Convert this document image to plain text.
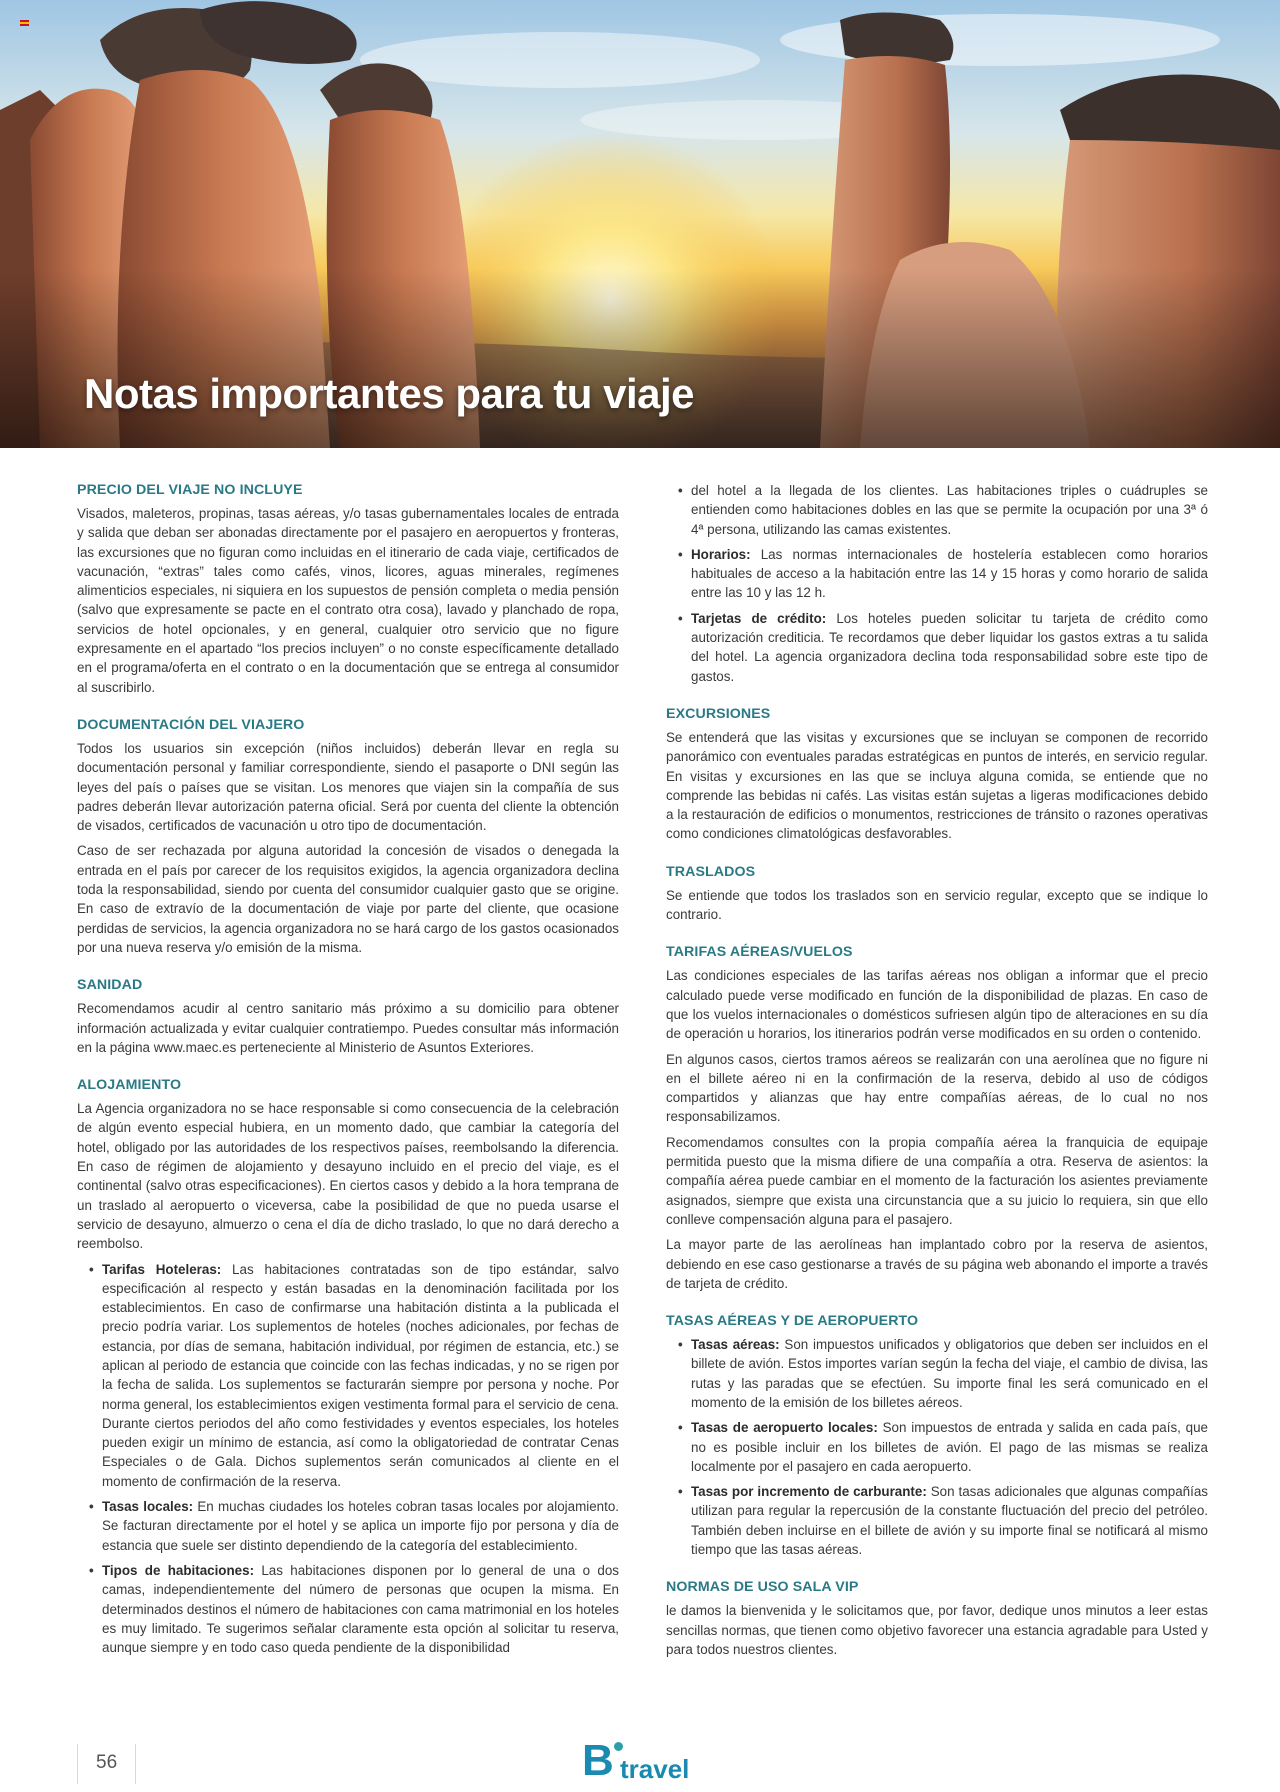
Notas importantes para tu viaje
PRECIO DEL VIAJE NO INCLUYE

Visados, maleteros, propinas, tasas aéreas, y/o tasas gubernamentales locales de entrada y salida que deban ser abonadas directamente por el pasajero en aeropuertos y fronteras, las excursiones que no figuran como incluidas en el itinerario de cada viaje, certificados de vacunación, “extras” tales como cafés, vinos, licores, aguas minerales, regímenes alimenticios especiales, ni siquiera en los supuestos de pensión completa o media pensión (salvo que expresamente se pacte en el contrato otra cosa), lavado y planchado de ropa, servicios de hotel opcionales, y en general, cualquier otro servicio que no figure expresamente en el apartado “los precios incluyen” o no conste específicamente detallado en el programa/oferta en el contrato o en la documentación que se entrega al consumidor al suscribirlo.

DOCUMENTACIÓN DEL VIAJERO

Todos los usuarios sin excepción (niños incluidos) deberán llevar en regla su documentación personal y familiar correspondiente, siendo el pasaporte o DNI según las leyes del país o países que se visitan. Los menores que viajen sin la compañía de sus padres deberán llevar autorización paterna oficial. Será por cuenta del cliente la obtención de visados, certificados de vacunación u otro tipo de documentación.

Caso de ser rechazada por alguna autoridad la concesión de visados o denegada la entrada en el país por carecer de los requisitos exigidos, la agencia organizadora declina toda la responsabilidad, siendo por cuenta del consumidor cualquier gasto que se origine. En caso de extravío de la documentación de viaje por parte del cliente, que ocasione perdidas de servicios, la agencia organizadora no se hará cargo de los gastos ocasionados por una nueva reserva y/o emisión de la misma.

SANIDAD

Recomendamos acudir al centro sanitario más próximo a su domicilio para obtener información actualizada y evitar cualquier contratiempo. Puedes consultar más información en la página www.maec.es perteneciente al Ministerio de Asuntos Exteriores.

ALOJAMIENTO

La Agencia organizadora no se hace responsable si como consecuencia de la celebración de algún evento especial hubiera, en un momento dado, que cambiar la categoría del hotel, obligado por las autoridades de los respectivos países, reembolsando la diferencia. En caso de régimen de alojamiento y desayuno incluido en el precio del viaje, es el continental (salvo otras especificaciones). En ciertos casos y debido a la hora temprana de un traslado al aeropuerto o viceversa, cabe la posibilidad de que no pueda usarse el servicio de desayuno, almuerzo o cena el día de dicho traslado, lo que no dará derecho a reembolso.

• Tarifas Hoteleras: Las habitaciones contratadas son de tipo estándar, salvo especificación al respecto y están basadas en la denominación facilitada por los establecimientos. En caso de confirmarse una habitación distinta a la publicada el precio podría variar. Los suplementos de hoteles (noches adicionales, por fechas de estancia, por días de semana, habitación individual, por régimen de estancia, etc.) se aplican al periodo de estancia que coincide con las fechas indicadas, y no se rigen por la fecha de salida. Los suplementos se facturarán siempre por persona y noche. Por norma general, los establecimientos exigen vestimenta formal para el servicio de cena. Durante ciertos periodos del año como festividades y eventos especiales, los hoteles pueden exigir un mínimo de estancia, así como la obligatoriedad de contratar Cenas Especiales o de Gala. Dichos suplementos serán comunicados al cliente en el momento de confirmación de la reserva.
• Tasas locales: En muchas ciudades los hoteles cobran tasas locales por alojamiento. Se facturan directamente por el hotel y se aplica un importe fijo por persona y día de estancia que suele ser distinto dependiendo de la categoría del establecimiento.
• Tipos de habitaciones: Las habitaciones disponen por lo general de una o dos camas, independientemente del número de personas que ocupen la misma. En determinados destinos el número de habitaciones con cama matrimonial en los hoteles es muy limitado. Te sugerimos señalar claramente esta opción al solicitar tu reserva, aunque siempre y en todo caso queda pendiente de la disponibilidad
• del hotel a la llegada de los clientes. Las habitaciones triples o cuádruples se entienden como habitaciones dobles en las que se permite la ocupación por una 3ª ó 4ª persona, utilizando las camas existentes.
• Horarios: Las normas internacionales de hostelería establecen como horarios habituales de acceso a la habitación entre las 14 y 15 horas y como horario de salida entre las 10 y las 12 h.
• Tarjetas de crédito: Los hoteles pueden solicitar tu tarjeta de crédito como autorización crediticia. Te recordamos que deber liquidar los gastos extras a tu salida del hotel. La agencia organizadora declina toda responsabilidad sobre este tipo de gastos.
EXCURSIONES

Se entenderá que las visitas y excursiones que se incluyan se componen de recorrido panorámico con eventuales paradas estratégicas en puntos de interés, en servicio regular. En visitas y excursiones en las que se incluya alguna comida, se entiende que no comprende las bebidas ni cafés. Las visitas están sujetas a ligeras modificaciones debido a la restauración de edificios o monumentos, restricciones de tránsito o razones operativas como condiciones climatológicas desfavorables.

TRASLADOS

Se entiende que todos los traslados son en servicio regular, excepto que se indique lo contrario.

TARIFAS AÉREAS/VUELOS

Las condiciones especiales de las tarifas aéreas nos obligan a informar que el precio calculado puede verse modificado en función de la disponibilidad de plazas. En caso de que los vuelos internacionales o domésticos sufriesen algún tipo de alteraciones en su día de operación u horarios, los itinerarios podrán verse modificados en su orden o contenido.

En algunos casos, ciertos tramos aéreos se realizarán con una aerolínea que no figure ni en el billete aéreo ni en la confirmación de la reserva, debido al uso de códigos compartidos y alianzas que hay entre compañías aéreas, de lo cual no nos responsabilizamos.

Recomendamos consultes con la propia compañía aérea la franquicia de equipaje permitida puesto que la misma difiere de una compañía a otra. Reserva de asientos: la compañía aérea puede cambiar en el momento de la facturación los asientes previamente asignados, siempre que exista una circunstancia que a su juicio lo requiera, sin que ello conlleve compensación alguna para el pasajero.

La mayor parte de las aerolíneas han implantado cobro por la reserva de asientos, debiendo en ese caso gestionarse a través de su página web abonando el importe a través de tarjeta de crédito.

TASAS AÉREAS Y DE AEROPUERTO
• Tasas aéreas: Son impuestos unificados y obligatorios que deben ser incluidos en el billete de avión. Estos importes varían según la fecha del viaje, el cambio de divisa, las rutas y las paradas que se efectúen. Su importe final les será comunicado en el momento de la emisión de los billetes aéreos.
• Tasas de aeropuerto locales: Son impuestos de entrada y salida en cada país, que no es posible incluir en los billetes de avión. El pago de las mismas se realiza localmente por el pasajero en cada aeropuerto.
• Tasas por incremento de carburante: Son tasas adicionales que algunas compañías utilizan para regular la repercusión de la constante fluctuación del precio del petróleo. También deben incluirse en el billete de avión y su importe final se notificará al mismo tiempo que las tasas aéreas.
NORMAS DE USO SALA VIP

le damos la bienvenida y le solicitamos que, por favor, dedique unos minutos a leer estas sencillas normas, que tienen como objetivo favorecer una estancia agradable para Usted y para todos nuestros clientes.

56	B travel
